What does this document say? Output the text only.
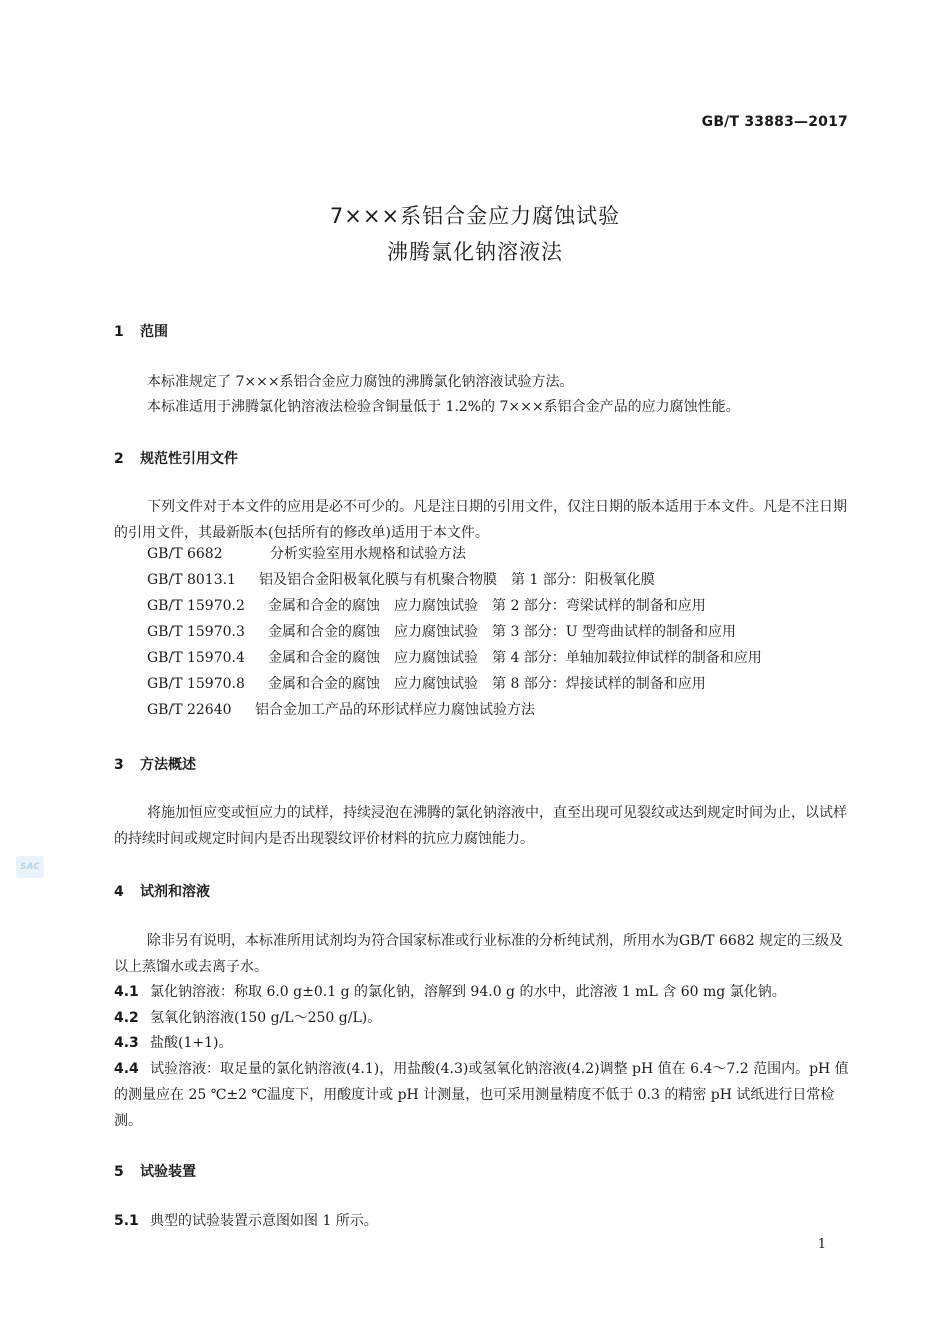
GB/T 33883—2017
7×××系铝合金应力腐蚀试验
沸腾氯化钠溶液法
1 范围
本标准规定了 7×××系铝合金应力腐蚀的沸腾氯化钠溶液试验方法。
本标准适用于沸腾氯化钠溶液法检验含铜量低于 1.2%的 7×××系铝合金产品的应力腐蚀性能。
2 规范性引用文件
下列文件对于本文件的应用是必不可少的。凡是注日期的引用文件，仅注日期的版本适用于本文件。凡是不注日期的引用文件，其最新版本(包括所有的修改单)适用于本文件。
GB/T 6682	分析实验室用水规格和试验方法
GB/T 8013.1 铝及铝合金阳极氧化膜与有机聚合物膜　第 1 部分：阳极氧化膜
GB/T 15970.2 金属和合金的腐蚀　应力腐蚀试验　第 2 部分：弯梁试样的制备和应用
GB/T 15970.3 金属和合金的腐蚀　应力腐蚀试验　第 3 部分：U 型弯曲试样的制备和应用
GB/T 15970.4 金属和合金的腐蚀　应力腐蚀试验　第 4 部分：单轴加载拉伸试样的制备和应用
GB/T 15970.8 金属和合金的腐蚀　应力腐蚀试验　第 8 部分：焊接试样的制备和应用
GB/T 22640 铝合金加工产品的环形试样应力腐蚀试验方法
3 方法概述
将施加恒应变或恒应力的试样，持续浸泡在沸腾的氯化钠溶液中，直至出现可见裂纹或达到规定时间为止，以试样的持续时间或规定时间内是否出现裂纹评价材料的抗应力腐蚀能力。
SAC
4 试剂和溶液
除非另有说明，本标准所用试剂均为符合国家标准或行业标准的分析纯试剂，所用水为GB/T 6682 规定的三级及以上蒸馏水或去离子水。
4.1 氯化钠溶液：称取 6.0 g±0.1 g 的氯化钠，溶解到 94.0 g 的水中，此溶液 1 mL 含 60 mg 氯化钠。
4.2 氢氧化钠溶液(150 g/L～250 g/L)。
4.3 盐酸(1+1)。
4.4 试验溶液：取足量的氯化钠溶液(4.1)，用盐酸(4.3)或氢氧化钠溶液(4.2)调整 pH 值在 6.4～7.2 范围内。pH 值的测量应在 25 ℃±2 ℃温度下，用酸度计或 pH 计测量，也可采用测量精度不低于 0.3 的精密 pH 试纸进行日常检测。
5 试验装置
5.1 典型的试验装置示意图如图 1 所示。
1
